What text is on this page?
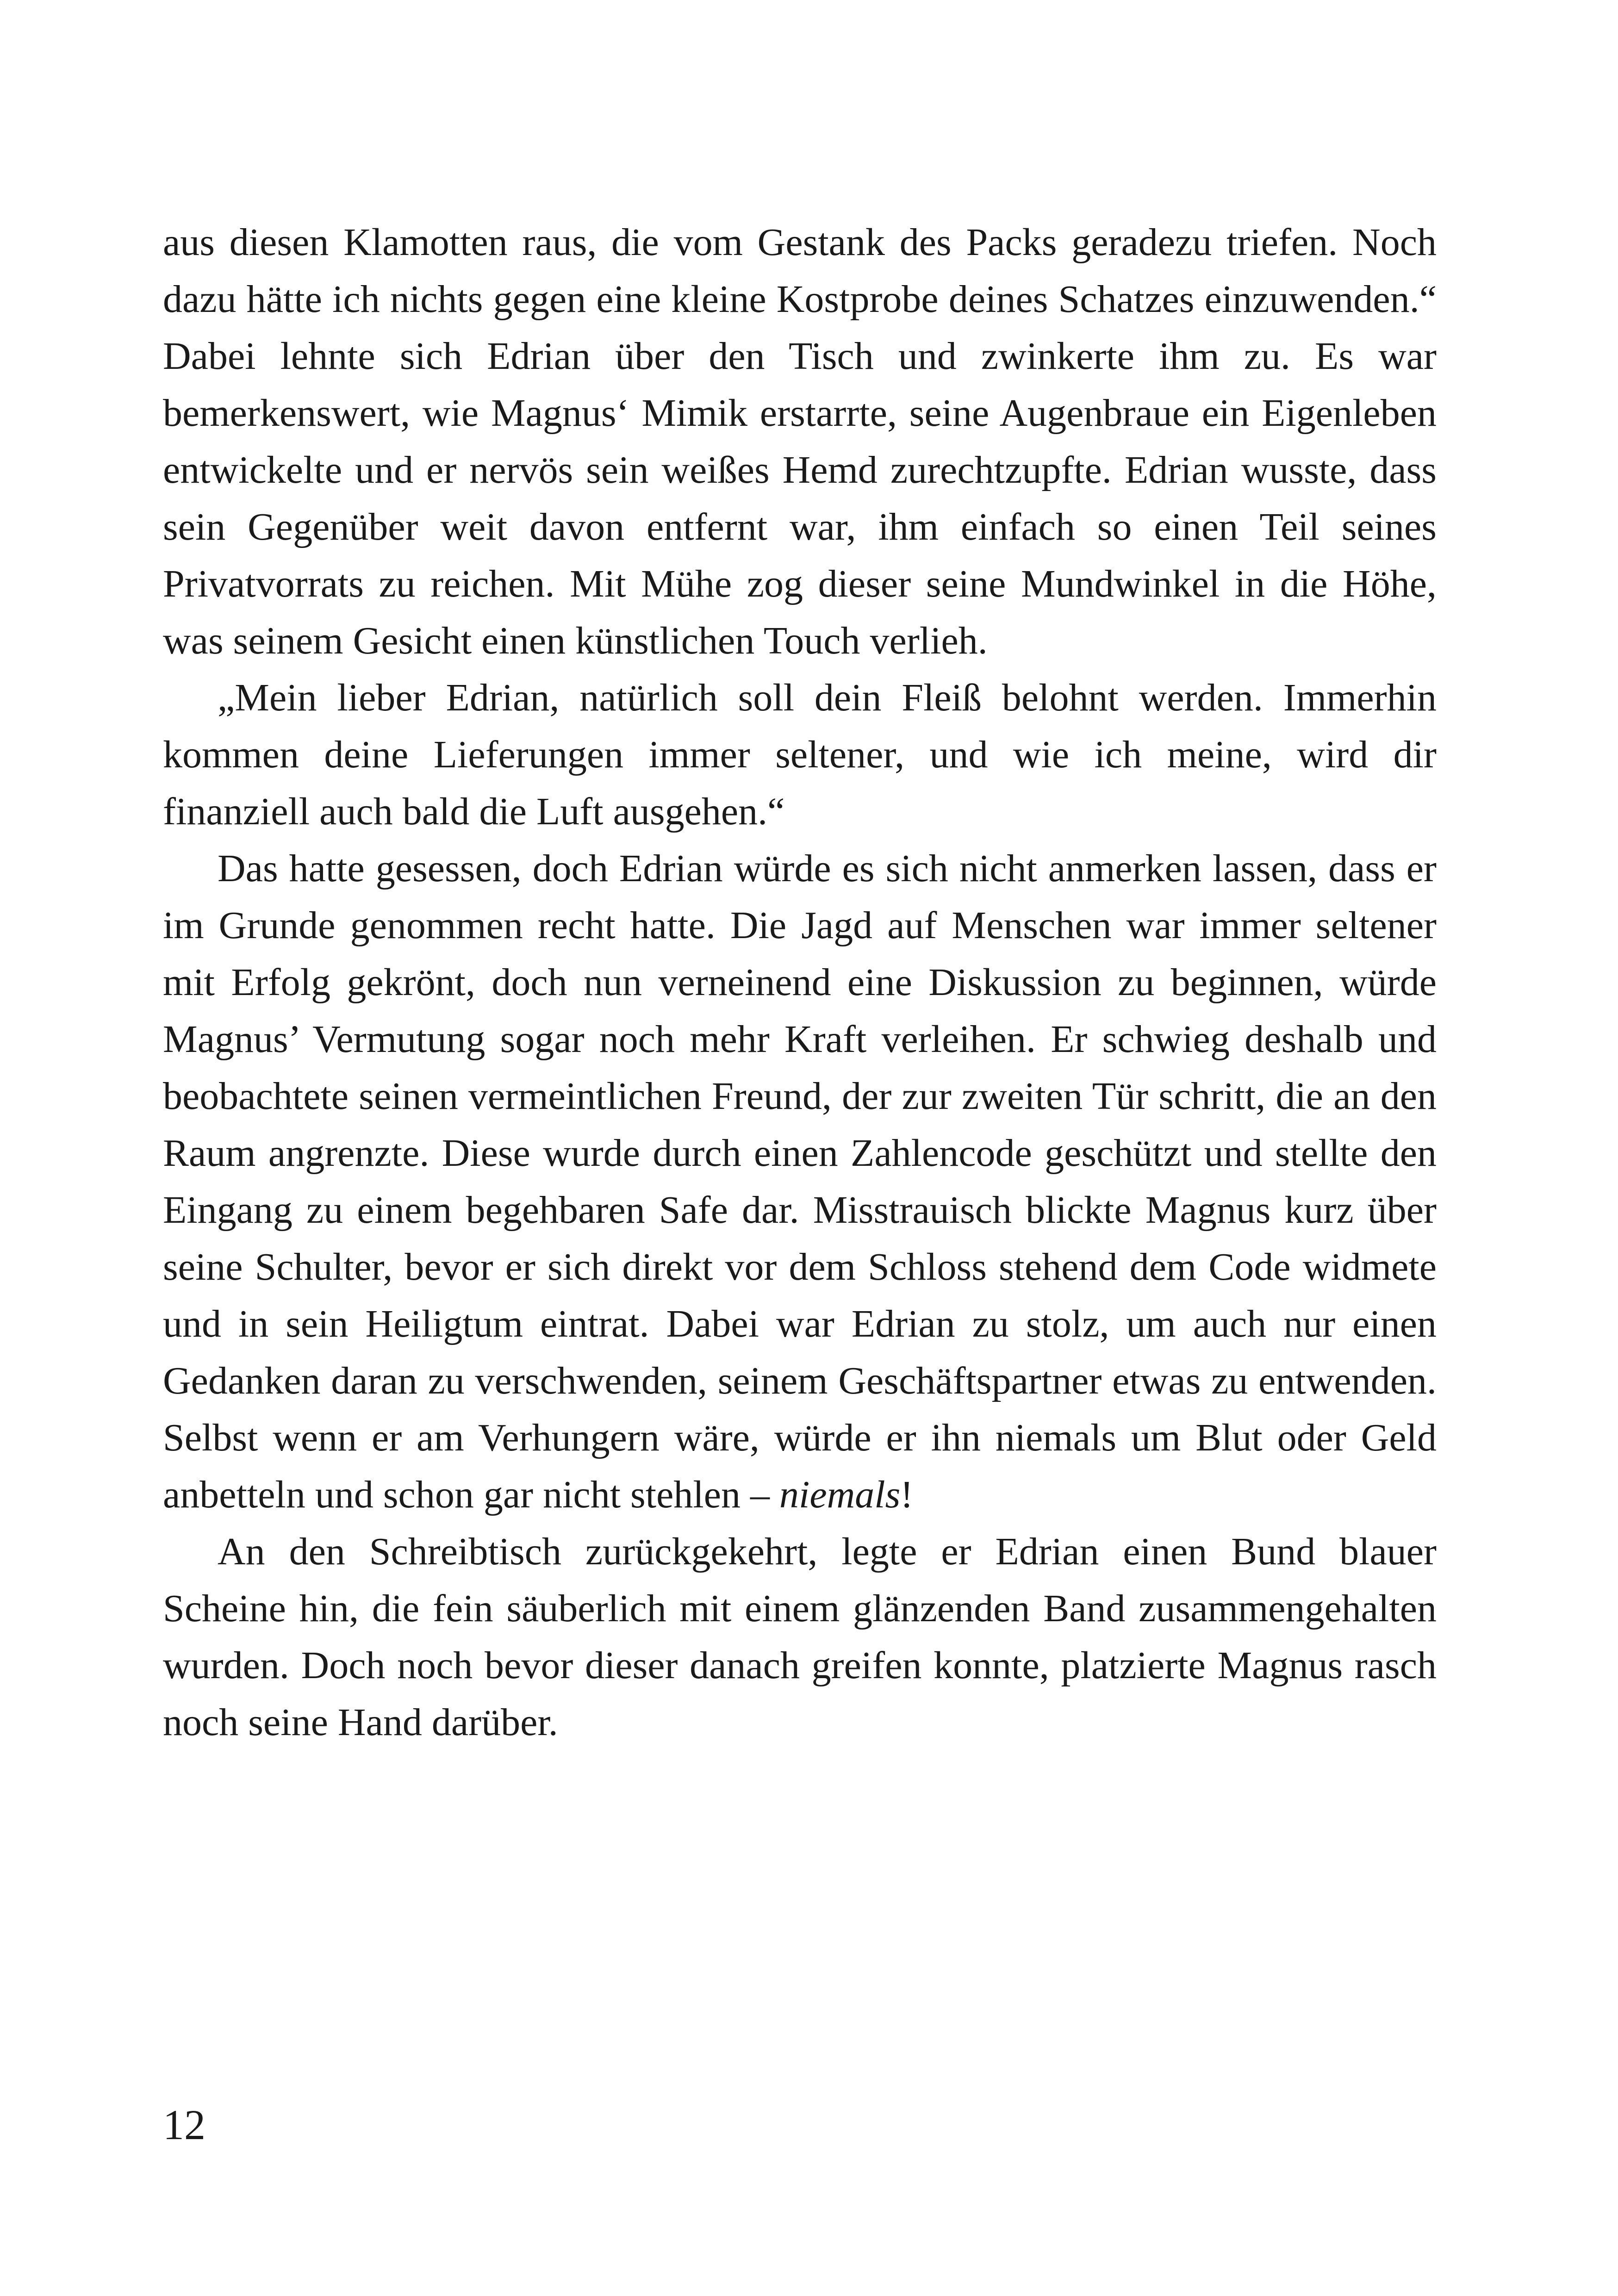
aus diesen Klamotten raus, die vom Gestank des Packs geradezu triefen. Noch dazu hätte ich nichts gegen eine kleine Kostprobe deines Schatzes einzuwenden.“ Dabei lehnte sich Edrian über den Tisch und zwinkerte ihm zu. Es war bemerkenswert, wie Magnus‘ Mimik erstarrte, seine Augenbraue ein Eigenleben entwickelte und er nervös sein weißes Hemd zurechtzupfte. Edrian wusste, dass sein Gegenüber weit davon entfernt war, ihm einfach so einen Teil seines Privatvorrats zu reichen. Mit Mühe zog dieser seine Mundwinkel in die Höhe, was seinem Gesicht einen künstlichen Touch verlieh.

„Mein lieber Edrian, natürlich soll dein Fleiß belohnt werden. Immerhin kommen deine Lieferungen immer seltener, und wie ich meine, wird dir finanziell auch bald die Luft ausgehen.“

Das hatte gesessen, doch Edrian würde es sich nicht anmerken lassen, dass er im Grunde genommen recht hatte. Die Jagd auf Menschen war immer seltener mit Erfolg gekrönt, doch nun verneinend eine Diskussion zu beginnen, würde Magnus’ Vermutung sogar noch mehr Kraft verleihen. Er schwieg deshalb und beobachtete seinen vermeintlichen Freund, der zur zweiten Tür schritt, die an den Raum angrenzte. Diese wurde durch einen Zahlencode geschützt und stellte den Eingang zu einem begehbaren Safe dar. Misstrauisch blickte Magnus kurz über seine Schulter, bevor er sich direkt vor dem Schloss stehend dem Code widmete und in sein Heiligtum eintrat. Dabei war Edrian zu stolz, um auch nur einen Gedanken daran zu verschwenden, seinem Geschäftspartner etwas zu entwenden. Selbst wenn er am Verhungern wäre, würde er ihn niemals um Blut oder Geld anbetteln und schon gar nicht stehlen – niemals!

An den Schreibtisch zurückgekehrt, legte er Edrian einen Bund blauer Scheine hin, die fein säuberlich mit einem glänzenden Band zusammengehalten wurden. Doch noch bevor dieser danach greifen konnte, platzierte Magnus rasch noch seine Hand darüber.

12
